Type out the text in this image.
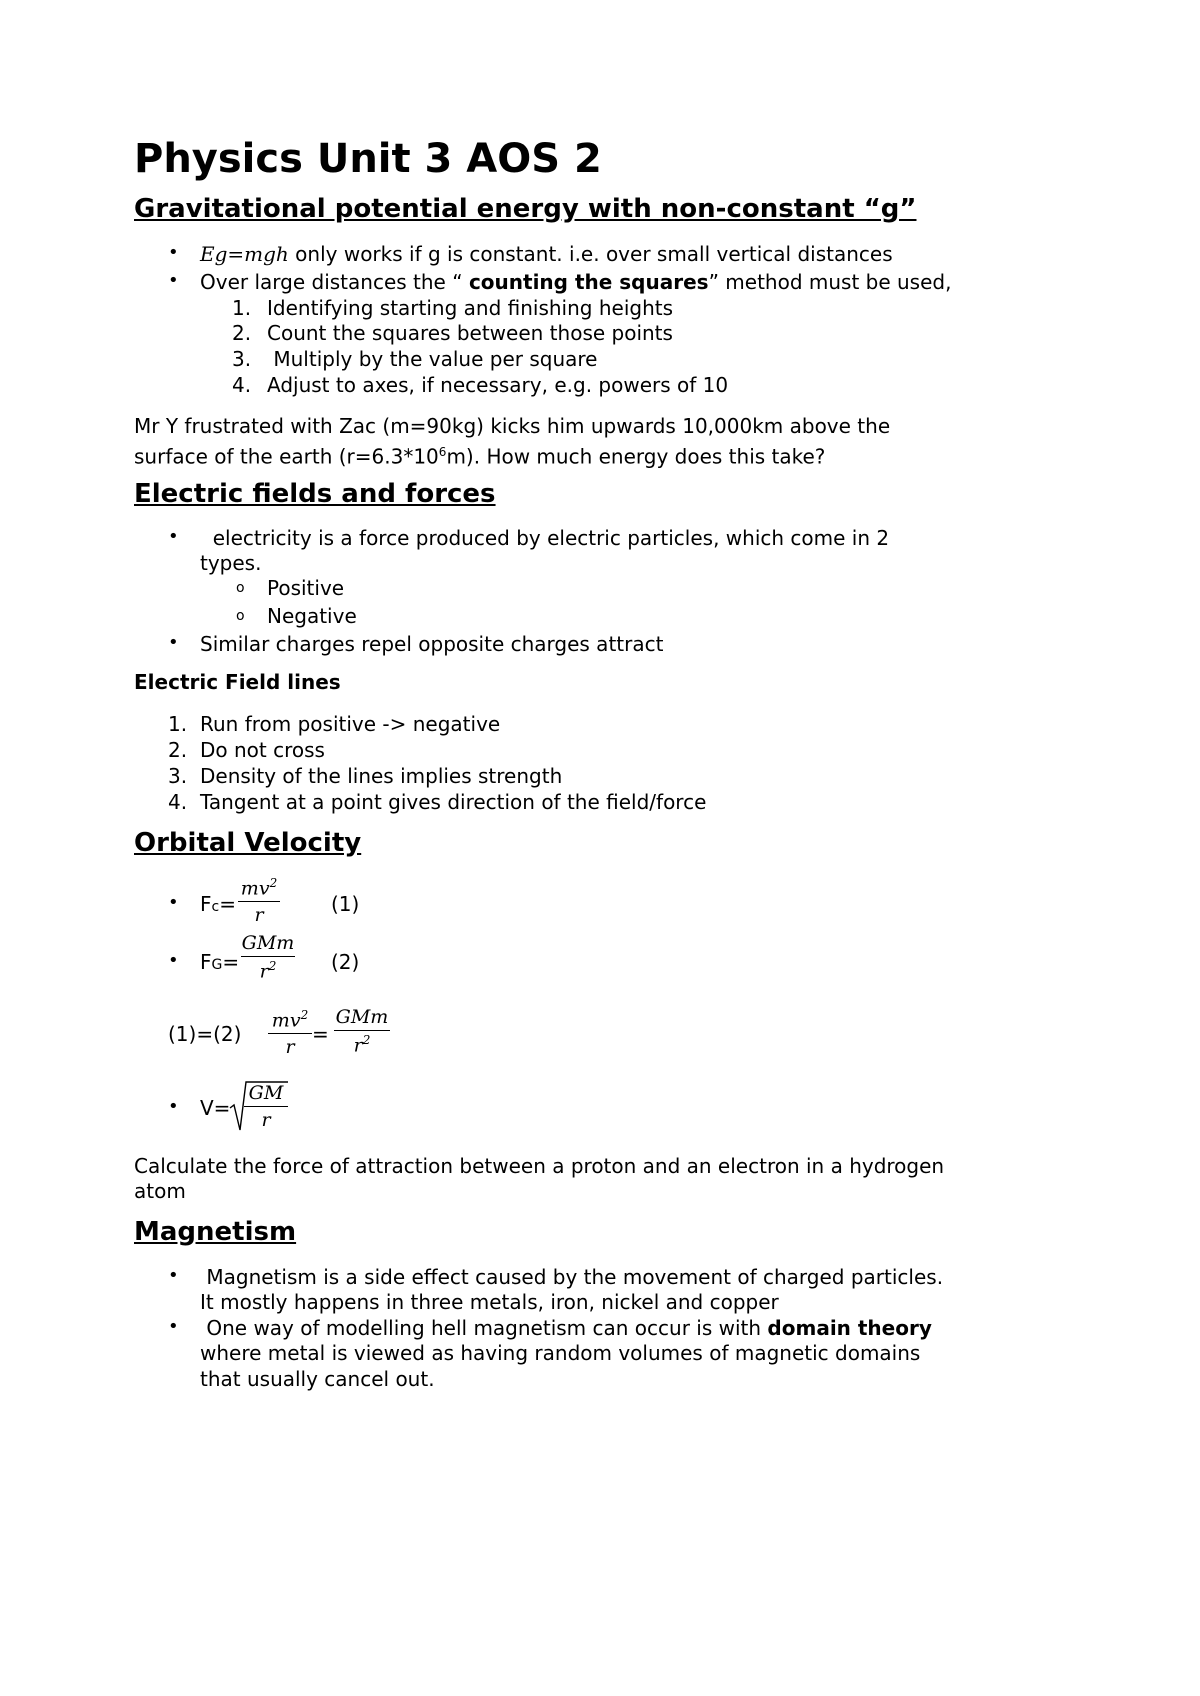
Physics Unit 3 AOS 2
Gravitational potential energy with non-constant “g”
• Eg=mgh only works if g is constant. i.e. over small vertical distances
• Over large distances the “ counting the squares” method must be used,
1. Identifying starting and finishing heights
2. Count the squares between those points
3. Multiply by the value per square
4. Adjust to axes, if necessary, e.g. powers of 10
Mr Y frustrated with Zac (m=90kg) kicks him upwards 10,000km above the
surface of the earth $(r=6.3*10^6m)$. How much energy does this take?
Electric fields and forces
• electricity is a force produced by electric particles, which come in 2
types.
o Positive
o Negative
• Similar charges repel opposite charges attract
Electric Field lines
1. Run from positive -> negative
2. Do not cross
3. Density of the lines implies strength
4. Tangent at a point gives direction of the field/force
Orbital Velocity
• Fc=
$mv^2$
r	(1)
• FG=
GMm
$r^2$	(2)
(1)=(2)
$mv^2$
r
=
GMm
$r^2$
• V=
GM
r
Calculate the force of attraction between a proton and an electron in a hydrogen
atom
Magnetism
• Magnetism is a side effect caused by the movement of charged particles.
It mostly happens in three metals, iron, nickel and copper
• One way of modelling hell magnetism can occur is with domain theory
where metal is viewed as having random volumes of magnetic domains
that usually cancel out.
